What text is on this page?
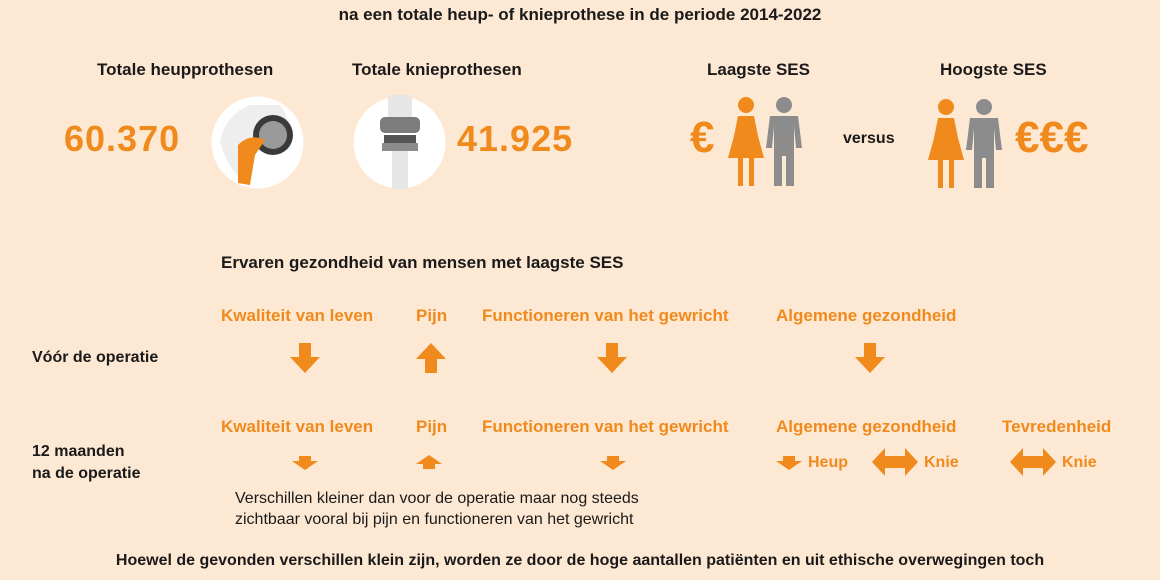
na een totale heup- of knieprothese in de periode 2014-2022
Totale heupprothesen
60.370
Totale knieprothesen
41.925
Laagste SES
€	versus
Hoogste SES
€€€
Ervaren gezondheid van mensen met laagste SES
Kwaliteit van leven	Pijn Functioneren van het gewricht	Algemene gezondheid
Vóór de operatie
Kwaliteit van leven	Pijn Functioneren van het gewricht	Algemene gezondheid	Tevredenheid
12 maanden
na de operatie
Heup	Knie	Knie
Verschillen kleiner dan voor de operatie maar nog steeds
zichtbaar vooral bij pijn en functioneren van het gewricht
Hoewel de gevonden verschillen klein zijn, worden ze door de hoge aantallen patiënten en uit ethische overwegingen toch
